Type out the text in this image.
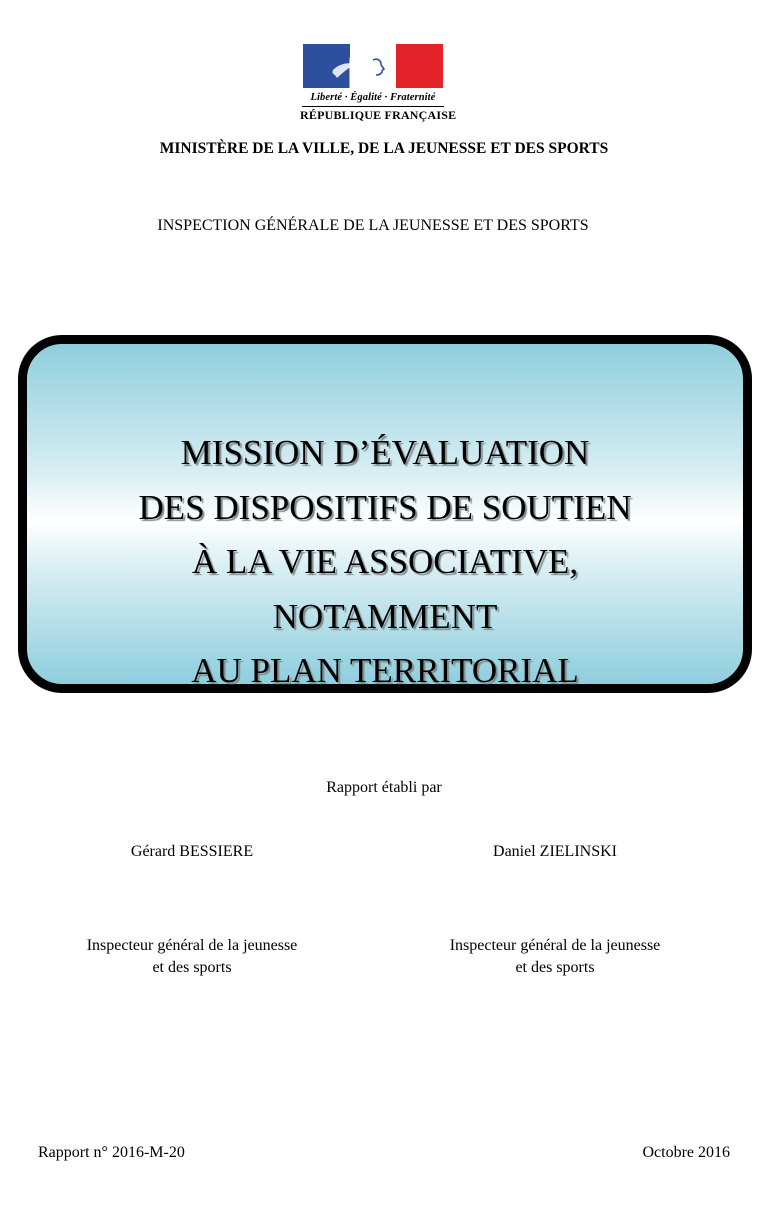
Liberté · Égalité · Fraternité
RÉPUBLIQUE FRANÇAISE
MINISTÈRE DE LA VILLE, DE LA JEUNESSE ET DES SPORTS
INSPECTION GÉNÉRALE DE LA JEUNESSE ET DES SPORTS
MISSION D’ÉVALUATION
DES DISPOSITIFS DE SOUTIEN
À LA VIE ASSOCIATIVE,
NOTAMMENT
AU PLAN TERRITORIAL
Rapport établi par
Gérard BESSIERE	Daniel ZIELINSKI
Inspecteur général de la jeunesse
et des sports
Inspecteur général de la jeunesse
et des sports
Rapport n° 2016-M-20	Octobre 2016
